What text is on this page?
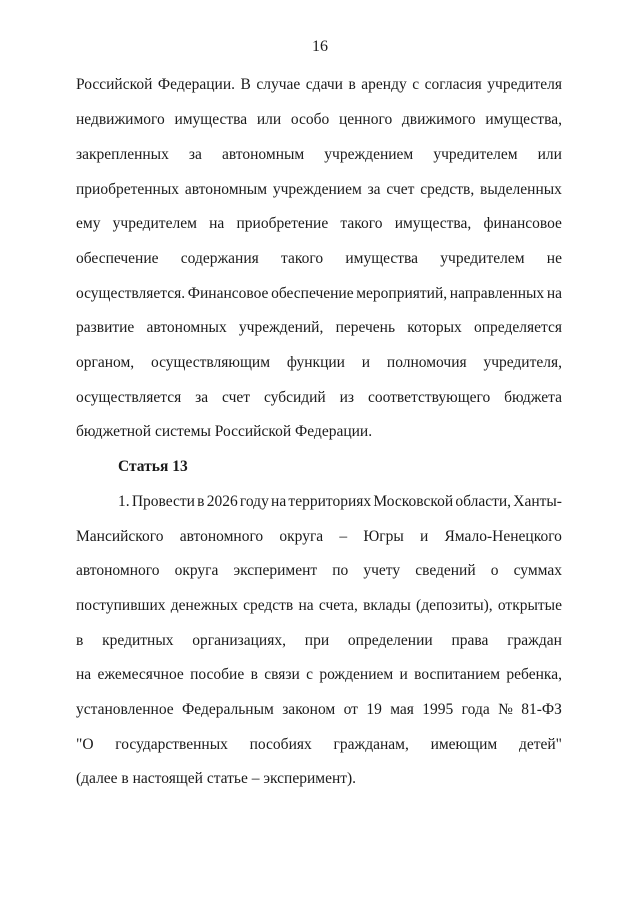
16
Российской Федерации. В случае сдачи в аренду с согласия учредителя
недвижимого имущества или особо ценного движимого имущества,
закрепленных за автономным учреждением учредителем или
приобретенных автономным учреждением за счет средств, выделенных
ему учредителем на приобретение такого имущества, финансовое
обеспечение содержания такого имущества учредителем не
осуществляется. Финансовое обеспечение мероприятий, направленных на
развитие автономных учреждений, перечень которых определяется
органом, осуществляющим функции и полномочия учредителя,
осуществляется за счет субсидий из соответствующего бюджета
бюджетной системы Российской Федерации.
Статья 13
1. Провести в 2026 году на территориях Московской области, Ханты-
Мансийского автономного округа – Югры и Ямало-Ненецкого
автономного округа эксперимент по учету сведений о суммах
поступивших денежных средств на счета, вклады (депозиты), открытые
в кредитных организациях, при определении права граждан
на ежемесячное пособие в связи с рождением и воспитанием ребенка,
установленное Федеральным законом от 19 мая 1995 года № 81-ФЗ
"О государственных пособиях гражданам, имеющим детей"
(далее в настоящей статье – эксперимент).
